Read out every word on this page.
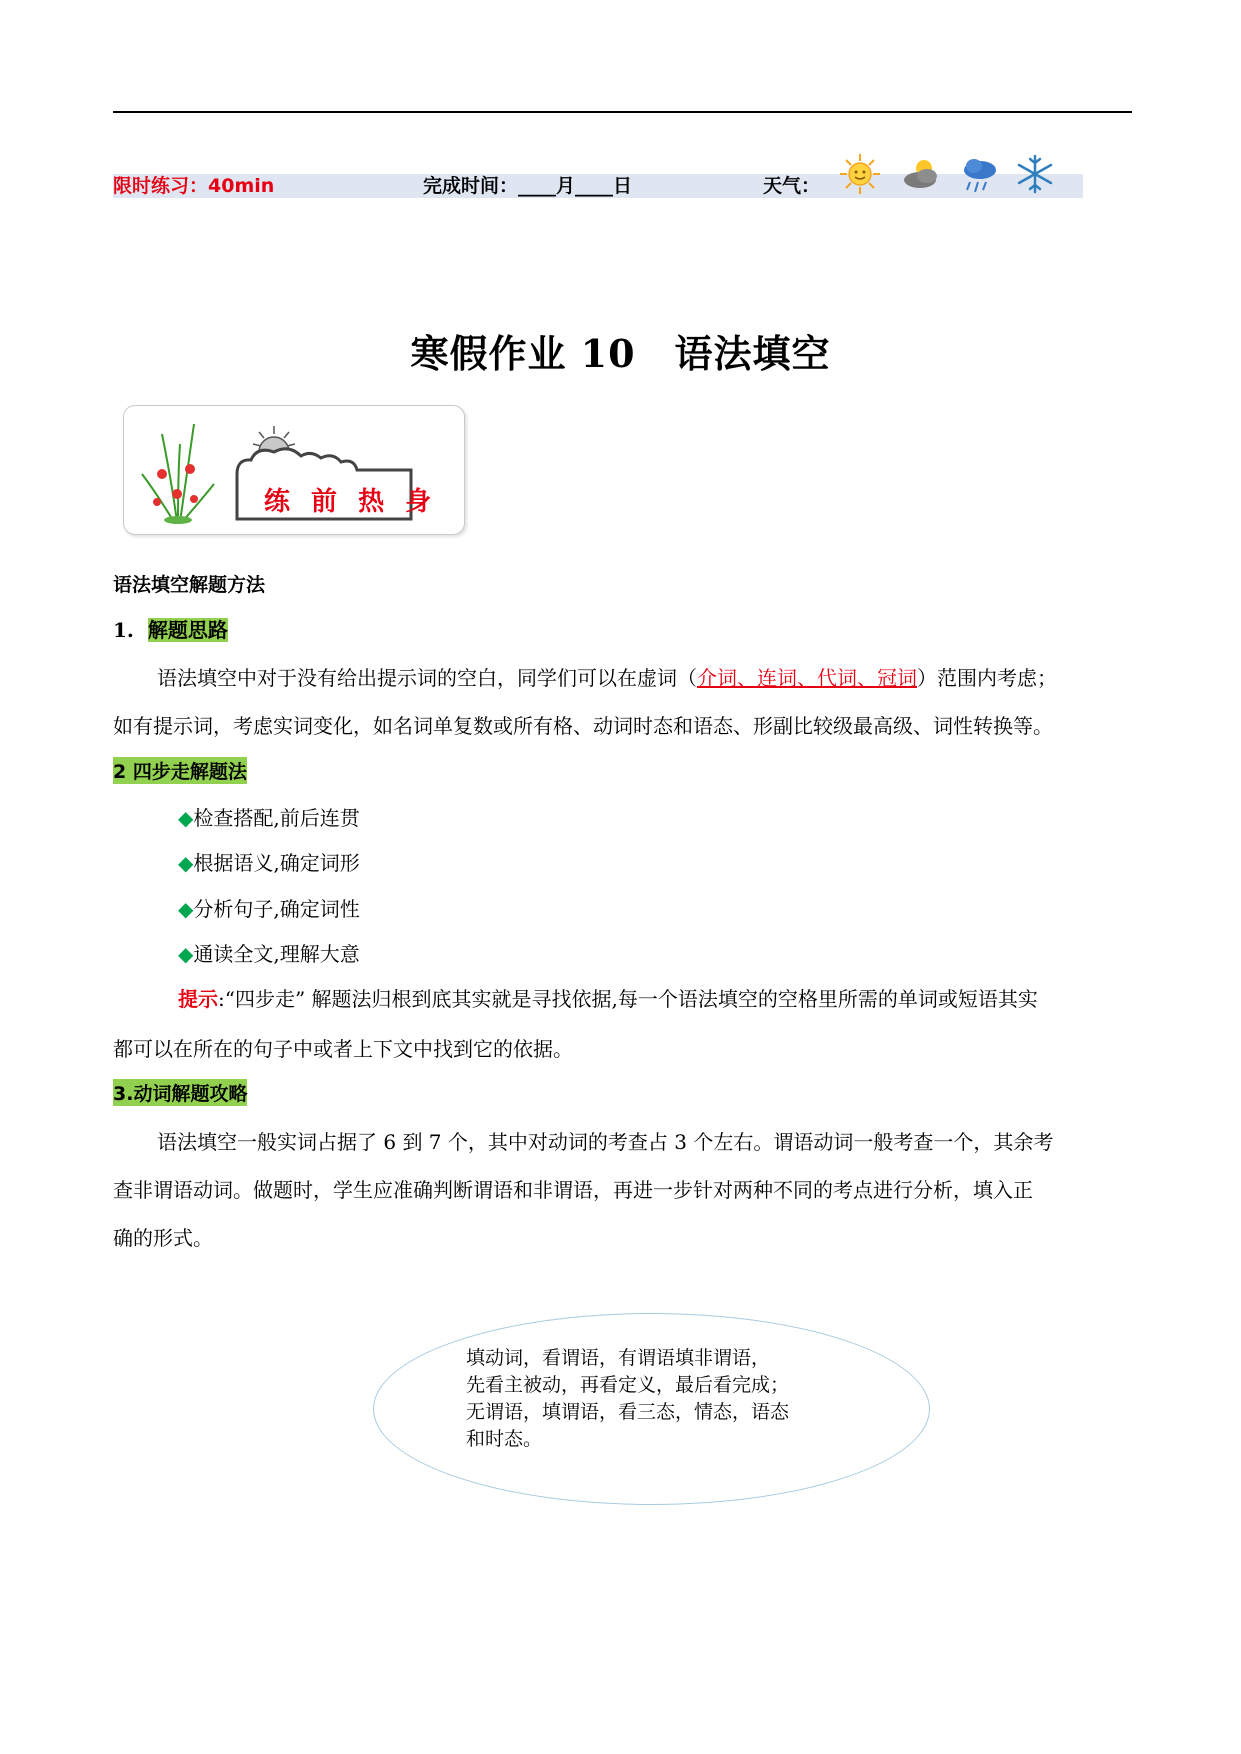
限时练习：40min	完成时间：____月____日	天气：
寒假作业 10　语法填空
练 前 热 身
语法填空解题方法
1. 解题思路
语法填空中对于没有给出提示词的空白，同学们可以在虚词（介词、连词、代词、冠词）范围内考虑；
如有提示词，考虑实词变化，如名词单复数或所有格、动词时态和语态、形副比较级最高级、词性转换等。
2 四步走解题法
◆检查搭配,前后连贯
◆根据语义,确定词形
◆分析句子,确定词性
◆通读全文,理解大意
提示:“四步走” 解题法归根到底其实就是寻找依据,每一个语法填空的空格里所需的单词或短语其实
都可以在所在的句子中或者上下文中找到它的依据。
3.动词解题攻略
语法填空一般实词占据了 6 到 7 个，其中对动词的考查占 3 个左右。谓语动词一般考查一个，其余考
查非谓语动词。做题时，学生应准确判断谓语和非谓语，再进一步针对两种不同的考点进行分析，填入正
确的形式。
填动词，看谓语，有谓语填非谓语，
先看主被动，再看定义，最后看完成；
无谓语，填谓语，看三态，情态，语态
和时态。
